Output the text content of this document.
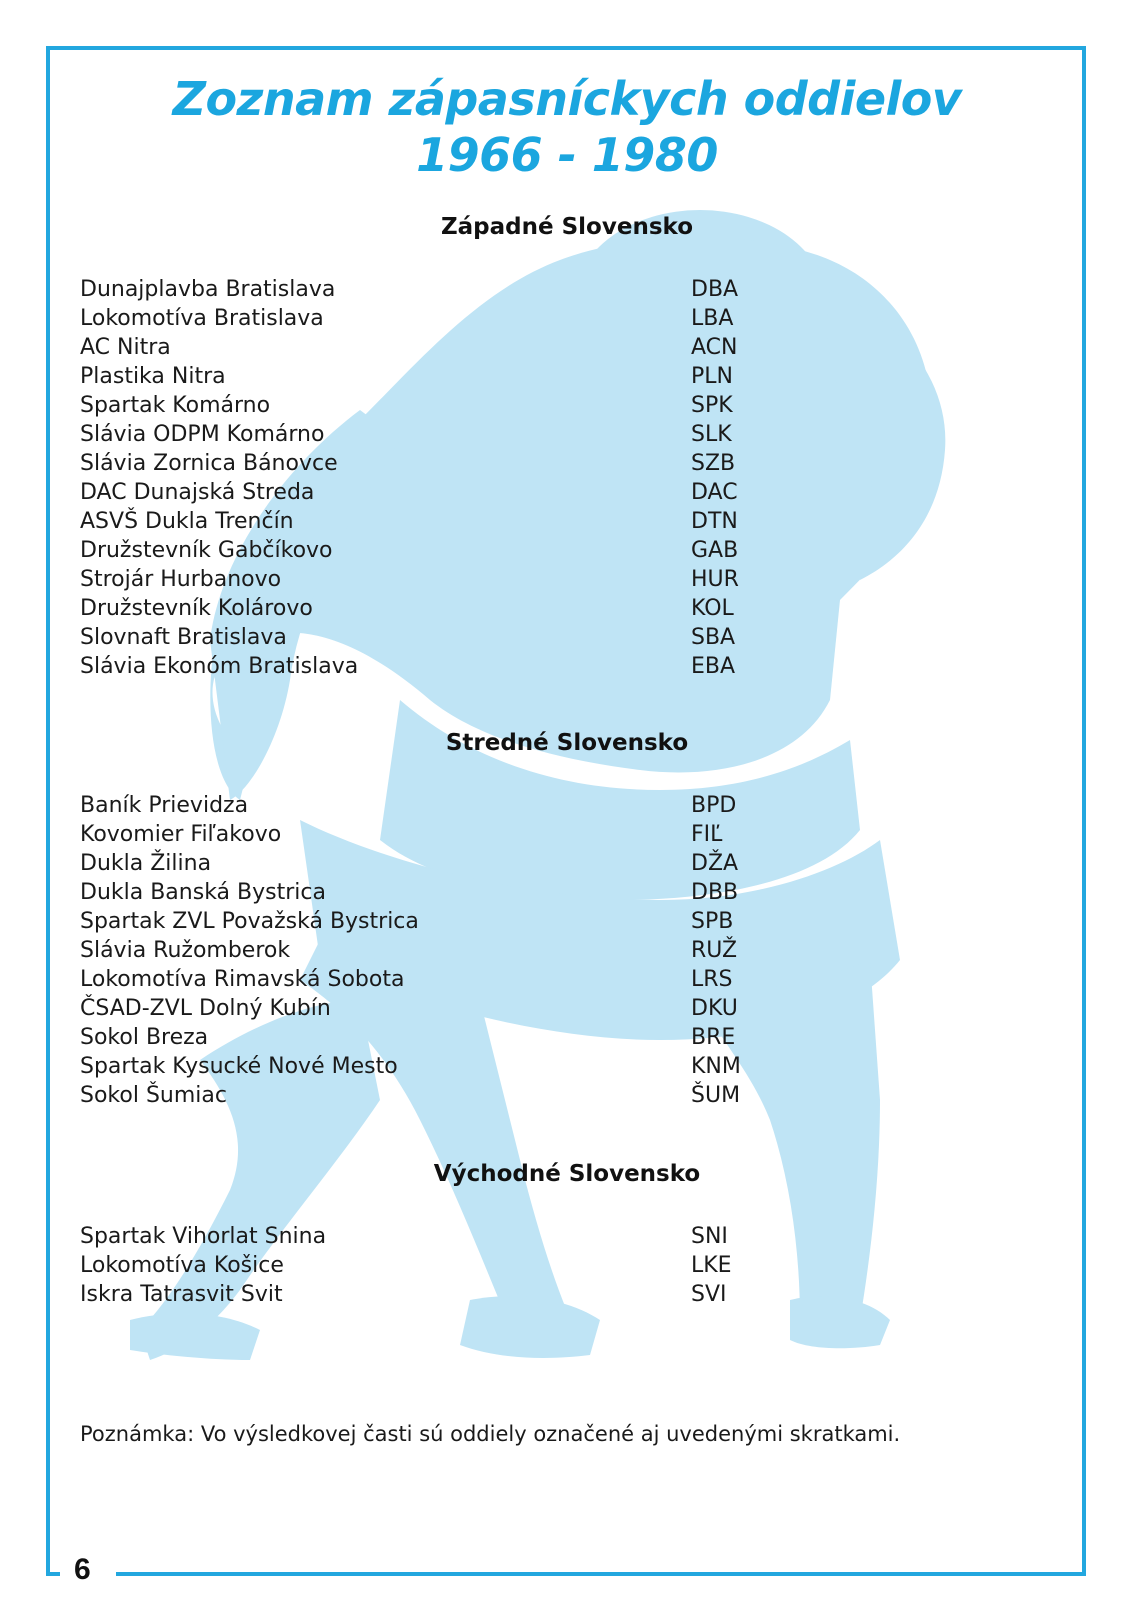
6
Zoznam zápasníckych oddielov
1966 - 1980
Západné Slovensko
Dunajplavba Bratislava	DBA
Lokomotíva Bratislava	LBA
AC Nitra	ACN
Plastika Nitra	PLN
Spartak Komárno	SPK
Slávia ODPM Komárno	SLK
Slávia Zornica Bánovce	SZB
DAC Dunajská Streda	DAC
ASVŠ Dukla Trenčín	DTN
Družstevník Gabčíkovo	GAB
Strojár Hurbanovo	HUR
Družstevník Kolárovo	KOL
Slovnaft Bratislava	SBA
Slávia Ekonóm Bratislava	EBA
Stredné Slovensko
Baník Prievidza	BPD
Kovomier Fiľakovo	FIĽ
Dukla Žilina	DŽA
Dukla Banská Bystrica	DBB
Spartak ZVL Považská Bystrica	SPB
Slávia Ružomberok	RUŽ
Lokomotíva Rimavská Sobota	LRS
ČSAD-ZVL Dolný Kubín	DKU
Sokol Breza	BRE
Spartak Kysucké Nové Mesto	KNM
Sokol Šumiac	ŠUM
Východné Slovensko
Spartak Vihorlat Snina	SNI
Lokomotíva Košice	LKE
Iskra Tatrasvit Svit	SVI
Poznámka: Vo výsledkovej časti sú oddiely označené aj uvedenými skratkami.
